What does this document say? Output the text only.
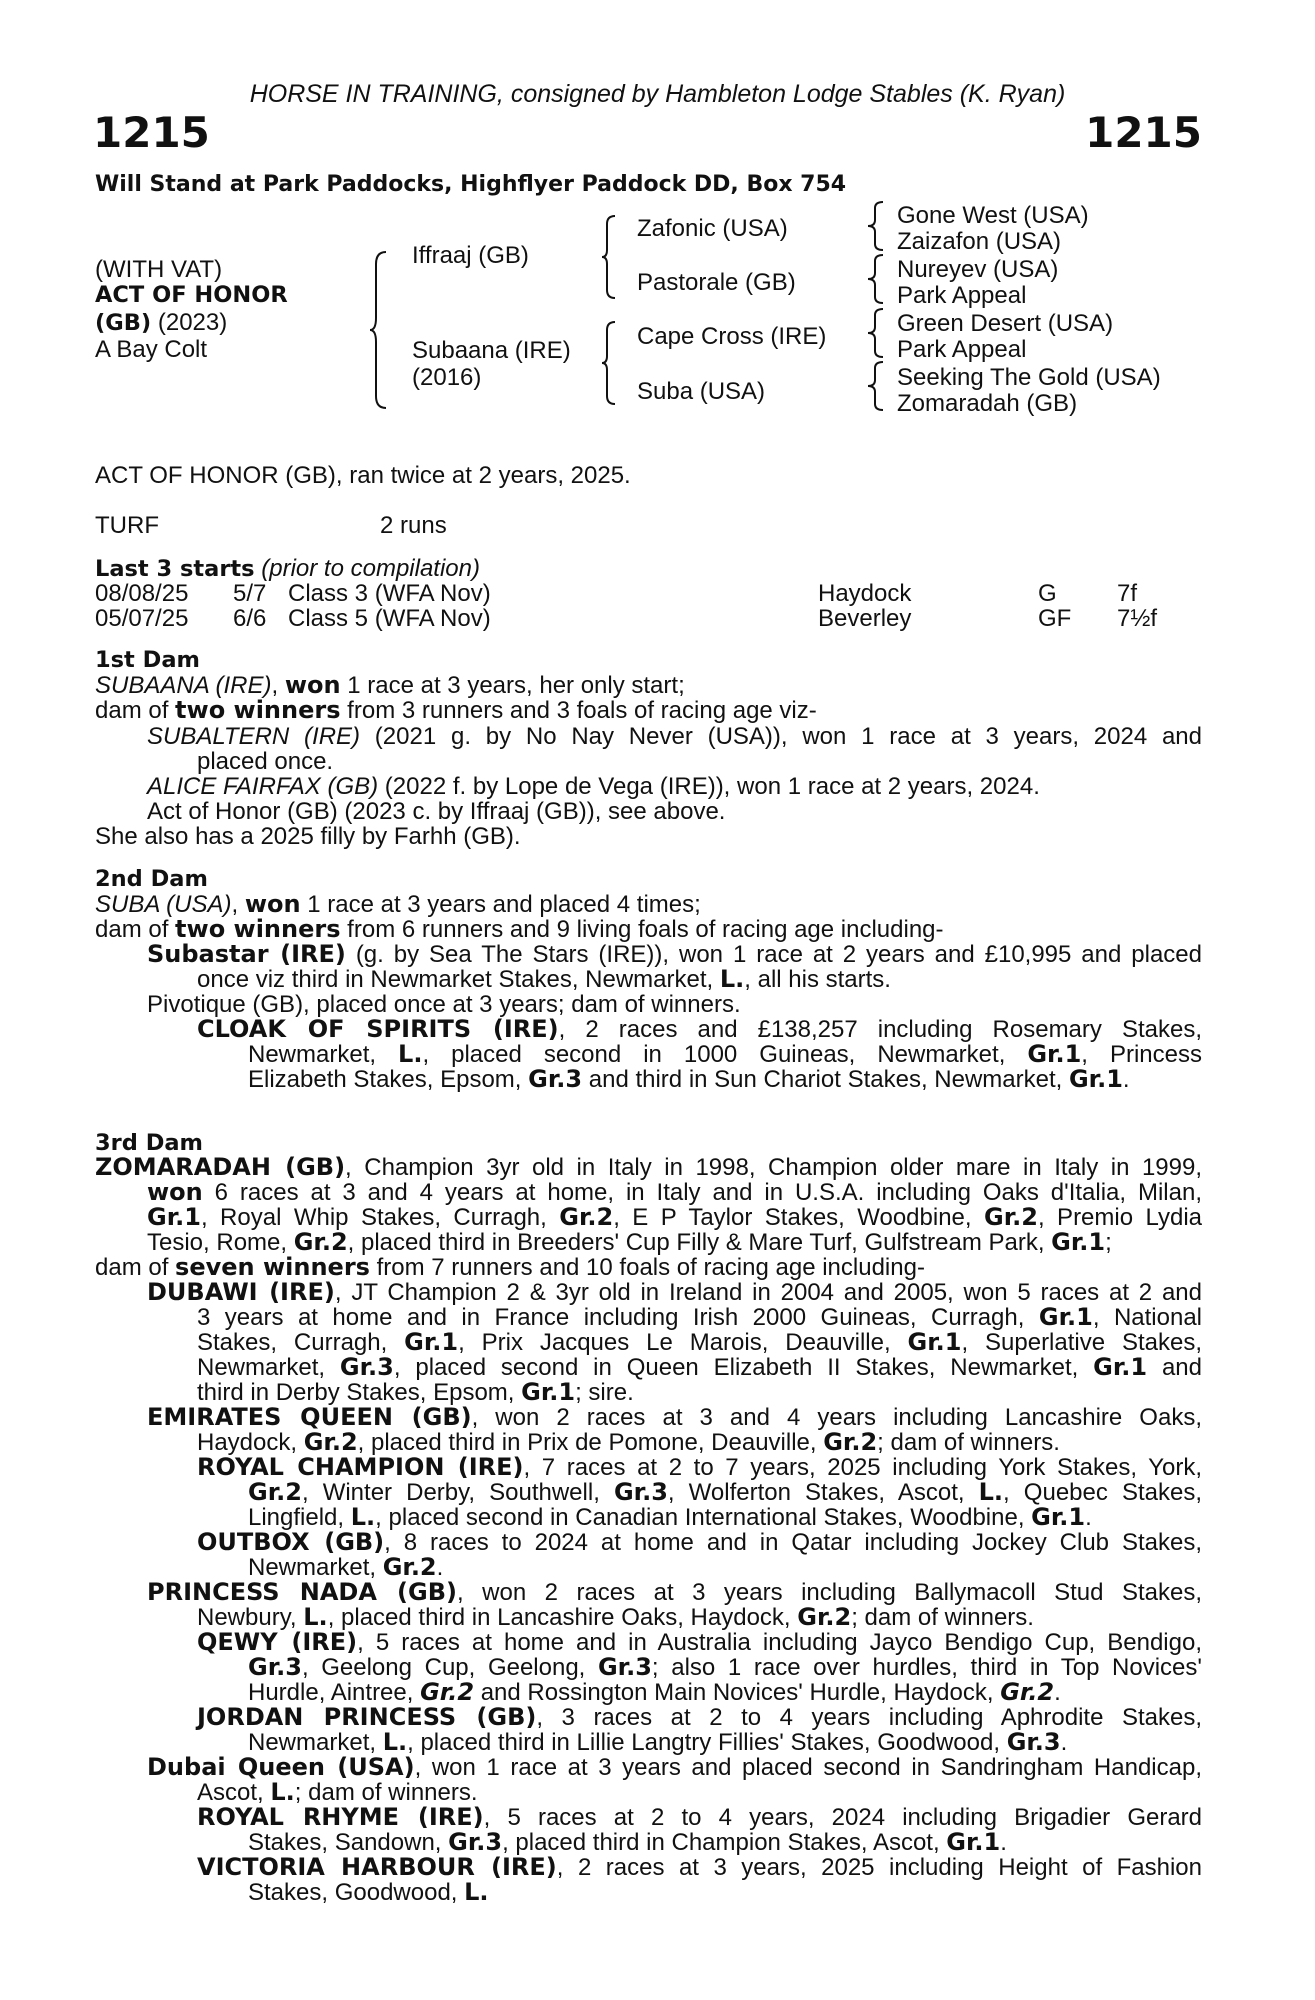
HORSE IN TRAINING, consigned by Hambleton Lodge Stables (K. Ryan)
1215	1215
Will Stand at Park Paddocks, Highflyer Paddock DD, Box 754
(WITH VAT)
ACT OF HONOR
(GB) (2023)
A Bay Colt
Iffraaj (GB)
Subaana (IRE)
(2016)
Zafonic (USA)
Pastorale (GB)
Cape Cross (IRE)
Suba (USA)
Gone West (USA)
Zaizafon (USA)
Nureyev (USA)
Park Appeal
Green Desert (USA)
Park Appeal
Seeking The Gold (USA)
Zomaradah (GB)
ACT OF HONOR (GB), ran twice at 2 years, 2025.
TURF	2 runs
Last 3 starts (prior to compilation)
08/08/25 5/7 Class 3 (WFA Nov)	Haydock	G	7f
05/07/25 6/6 Class 5 (WFA Nov)	Beverley	GF 7½f
1st Dam
SUBAANA (IRE), won 1 race at 3 years, her only start;
dam of two winners from 3 runners and 3 foals of racing age viz-
SUBALTERN (IRE) (2021 g. by No Nay Never (USA)), won 1 race at 3 years, 2024 and
placed once.
ALICE FAIRFAX (GB) (2022 f. by Lope de Vega (IRE)), won 1 race at 2 years, 2024.
Act of Honor (GB) (2023 c. by Iffraaj (GB)), see above.
She also has a 2025 filly by Farhh (GB).
2nd Dam
SUBA (USA), won 1 race at 3 years and placed 4 times;
dam of two winners from 6 runners and 9 living foals of racing age including-
Subastar (IRE) (g. by Sea The Stars (IRE)), won 1 race at 2 years and £10,995 and placed
once viz third in Newmarket Stakes, Newmarket, L., all his starts.
Pivotique (GB), placed once at 3 years; dam of winners.
CLOAK OF SPIRITS (IRE), 2 races and £138,257 including Rosemary Stakes,
Newmarket, L., placed second in 1000 Guineas, Newmarket, Gr.1, Princess
Elizabeth Stakes, Epsom, Gr.3 and third in Sun Chariot Stakes, Newmarket, Gr.1.
3rd Dam
ZOMARADAH (GB), Champion 3yr old in Italy in 1998, Champion older mare in Italy in 1999,
won 6 races at 3 and 4 years at home, in Italy and in U.S.A. including Oaks d'Italia, Milan,
Gr.1, Royal Whip Stakes, Curragh, Gr.2, E P Taylor Stakes, Woodbine, Gr.2, Premio Lydia
Tesio, Rome, Gr.2, placed third in Breeders' Cup Filly & Mare Turf, Gulfstream Park, Gr.1;
dam of seven winners from 7 runners and 10 foals of racing age including-
DUBAWI (IRE), JT Champion 2 & 3yr old in Ireland in 2004 and 2005, won 5 races at 2 and
3 years at home and in France including Irish 2000 Guineas, Curragh, Gr.1, National
Stakes, Curragh, Gr.1, Prix Jacques Le Marois, Deauville, Gr.1, Superlative Stakes,
Newmarket, Gr.3, placed second in Queen Elizabeth II Stakes, Newmarket, Gr.1 and
third in Derby Stakes, Epsom, Gr.1; sire.
EMIRATES QUEEN (GB), won 2 races at 3 and 4 years including Lancashire Oaks,
Haydock, Gr.2, placed third in Prix de Pomone, Deauville, Gr.2; dam of winners.
ROYAL CHAMPION (IRE), 7 races at 2 to 7 years, 2025 including York Stakes, York,
Gr.2, Winter Derby, Southwell, Gr.3, Wolferton Stakes, Ascot, L., Quebec Stakes,
Lingfield, L., placed second in Canadian International Stakes, Woodbine, Gr.1.
OUTBOX (GB), 8 races to 2024 at home and in Qatar including Jockey Club Stakes,
Newmarket, Gr.2.
PRINCESS NADA (GB), won 2 races at 3 years including Ballymacoll Stud Stakes,
Newbury, L., placed third in Lancashire Oaks, Haydock, Gr.2; dam of winners.
QEWY (IRE), 5 races at home and in Australia including Jayco Bendigo Cup, Bendigo,
Gr.3, Geelong Cup, Geelong, Gr.3; also 1 race over hurdles, third in Top Novices'
Hurdle, Aintree, Gr.2 and Rossington Main Novices' Hurdle, Haydock, Gr.2.
JORDAN PRINCESS (GB), 3 races at 2 to 4 years including Aphrodite Stakes,
Newmarket, L., placed third in Lillie Langtry Fillies' Stakes, Goodwood, Gr.3.
Dubai Queen (USA), won 1 race at 3 years and placed second in Sandringham Handicap,
Ascot, L.; dam of winners.
ROYAL RHYME (IRE), 5 races at 2 to 4 years, 2024 including Brigadier Gerard
Stakes, Sandown, Gr.3, placed third in Champion Stakes, Ascot, Gr.1.
VICTORIA HARBOUR (IRE), 2 races at 3 years, 2025 including Height of Fashion
Stakes, Goodwood, L.
